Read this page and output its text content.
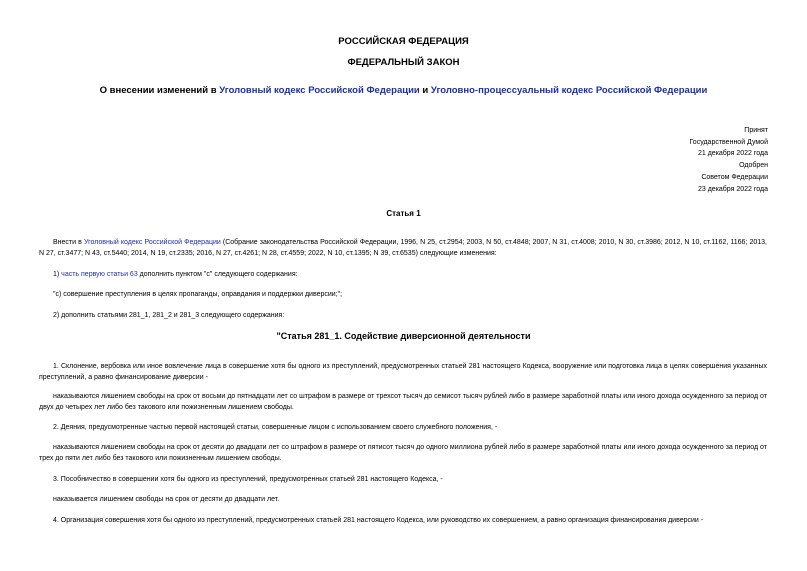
РОССИЙСКАЯ ФЕДЕРАЦИЯ
ФЕДЕРАЛЬНЫЙ ЗАКОН
О внесении изменений в Уголовный кодекс Российской Федерации и Уголовно-процессуальный кодекс Российской Федерации
Принят
Государственной Думой
21 декабря 2022 года
Одобрен
Советом Федерации
23 декабря 2022 года
Статья 1
Внести в Уголовный кодекс Российской Федерации (Собрание законодательства Российской Федерации, 1996, N 25, ст.2954; 2003, N 50, ст.4848; 2007, N 31, ст.4008; 2010, N 30, ст.3986; 2012, N 10, ст.1162, 1166; 2013, N 27, ст.3477; N 43, ст.5440; 2014, N 19, ст.2335; 2016, N 27, ст.4261; N 28, ст.4559; 2022, N 10, ст.1395; N 39, ст.6535) следующие изменения:
1) часть первую статьи 63 дополнить пунктом "с" следующего содержания:
"с) совершение преступления в целях пропаганды, оправдания и поддержки диверсии;";
2) дополнить статьями 281_1, 281_2 и 281_3 следующего содержания:
"Статья 281_1. Содействие диверсионной деятельности
1. Склонение, вербовка или иное вовлечение лица в совершение хотя бы одного из преступлений, предусмотренных статьей 281 настоящего Кодекса, вооружение или подготовка лица в целях совершения указанных преступлений, а равно финансирование диверсии -
наказываются лишением свободы на срок от восьми до пятнадцати лет со штрафом в размере от трехсот тысяч до семисот тысяч рублей либо в размере заработной платы или иного дохода осужденного за период от двух до четырех лет либо без такового или пожизненным лишением свободы.
2. Деяния, предусмотренные частью первой настоящей статьи, совершенные лицом с использованием своего служебного положения, -
наказываются лишением свободы на срок от десяти до двадцати лет со штрафом в размере от пятисот тысяч до одного миллиона рублей либо в размере заработной платы или иного дохода осужденного за период от трех до пяти лет либо без такового или пожизненным лишением свободы.
3. Пособничество в совершении хотя бы одного из преступлений, предусмотренных статьей 281 настоящего Кодекса, -
наказывается лишением свободы на срок от десяти до двадцати лет.
4. Организация совершения хотя бы одного из преступлений, предусмотренных статьей 281 настоящего Кодекса, или руководство их совершением, а равно организация финансирования диверсии -
